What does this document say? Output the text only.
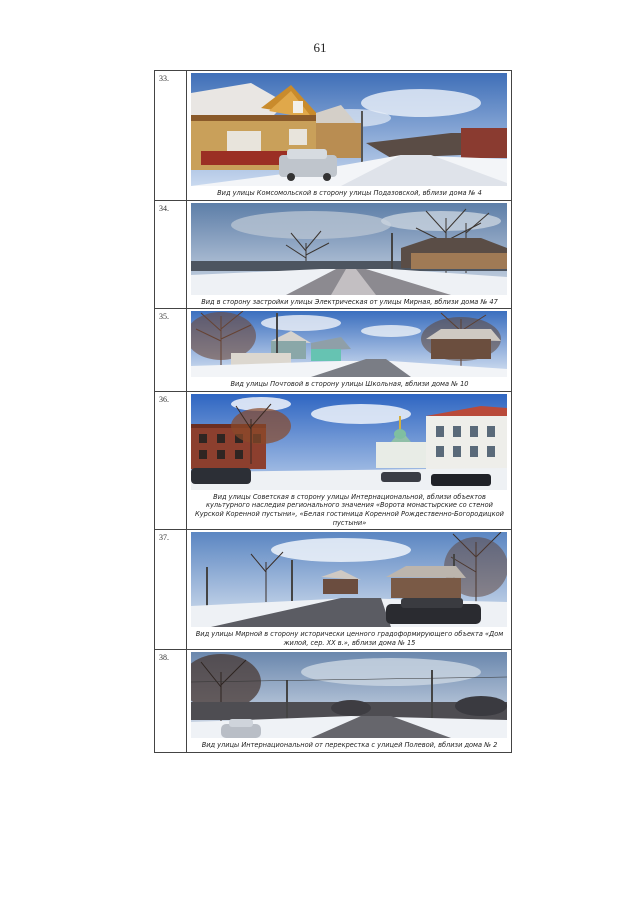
61
33.	Вид улицы Комсомольской в сторону улицы Подазовской, вблизи дома № 4

34.	Вид в сторону застройки улицы Электрическая от улицы Мирная, вблизи дома № 47

35.	Вид улицы Почтовой в сторону улицы Школьная, вблизи дома № 10

36.	Вид улицы Советская в сторону улицы Интернациональной, вблизи объектов культурного наследия регионального значения «Ворота монастырские со стеной Курской Коренной пустыни», «Белая гостиница Коренной Рождественно-Богородицкой пустыни»

37.	Вид улицы Мирной в сторону исторически ценного градоформирующего объекта «Дом жилой, сер. XX в.», вблизи дома № 15

38.	Вид улицы Интернациональной от перекрестка с улицей Полевой, вблизи дома № 2
